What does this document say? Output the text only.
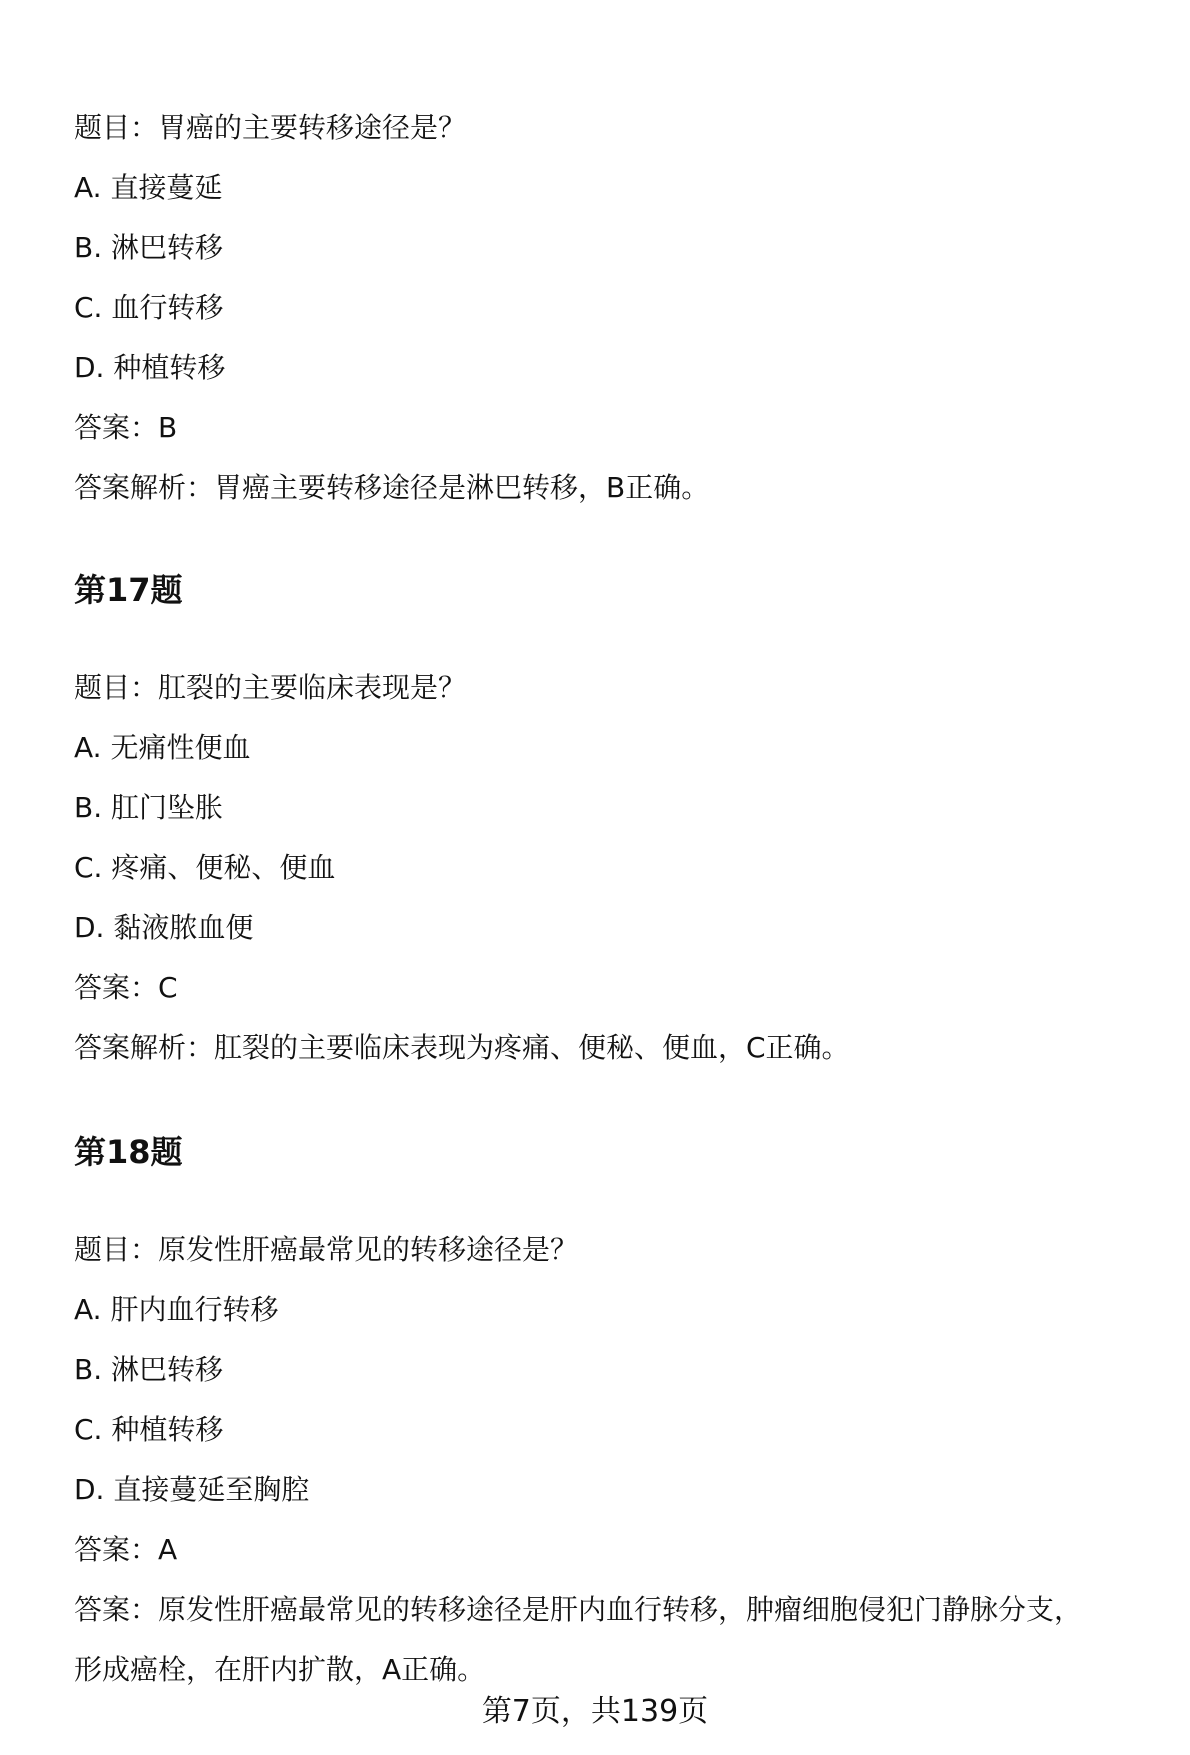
题目：胃癌的主要转移途径是？
A. 直接蔓延
B. 淋巴转移
C. 血行转移
D. 种植转移
答案：B
答案解析：胃癌主要转移途径是淋巴转移，B正确。
第17题
题目：肛裂的主要临床表现是？
A. 无痛性便血
B. 肛门坠胀
C. 疼痛、便秘、便血
D. 黏液脓血便
答案：C
答案解析：肛裂的主要临床表现为疼痛、便秘、便血，C正确。
第18题
题目：原发性肝癌最常见的转移途径是？
A. 肝内血行转移
B. 淋巴转移
C. 种植转移
D. 直接蔓延至胸腔
答案：A
答案：原发性肝癌最常见的转移途径是肝内血行转移，肿瘤细胞侵犯门静脉分支，
形成癌栓，在肝内扩散，A正确。
第7页，共139页
